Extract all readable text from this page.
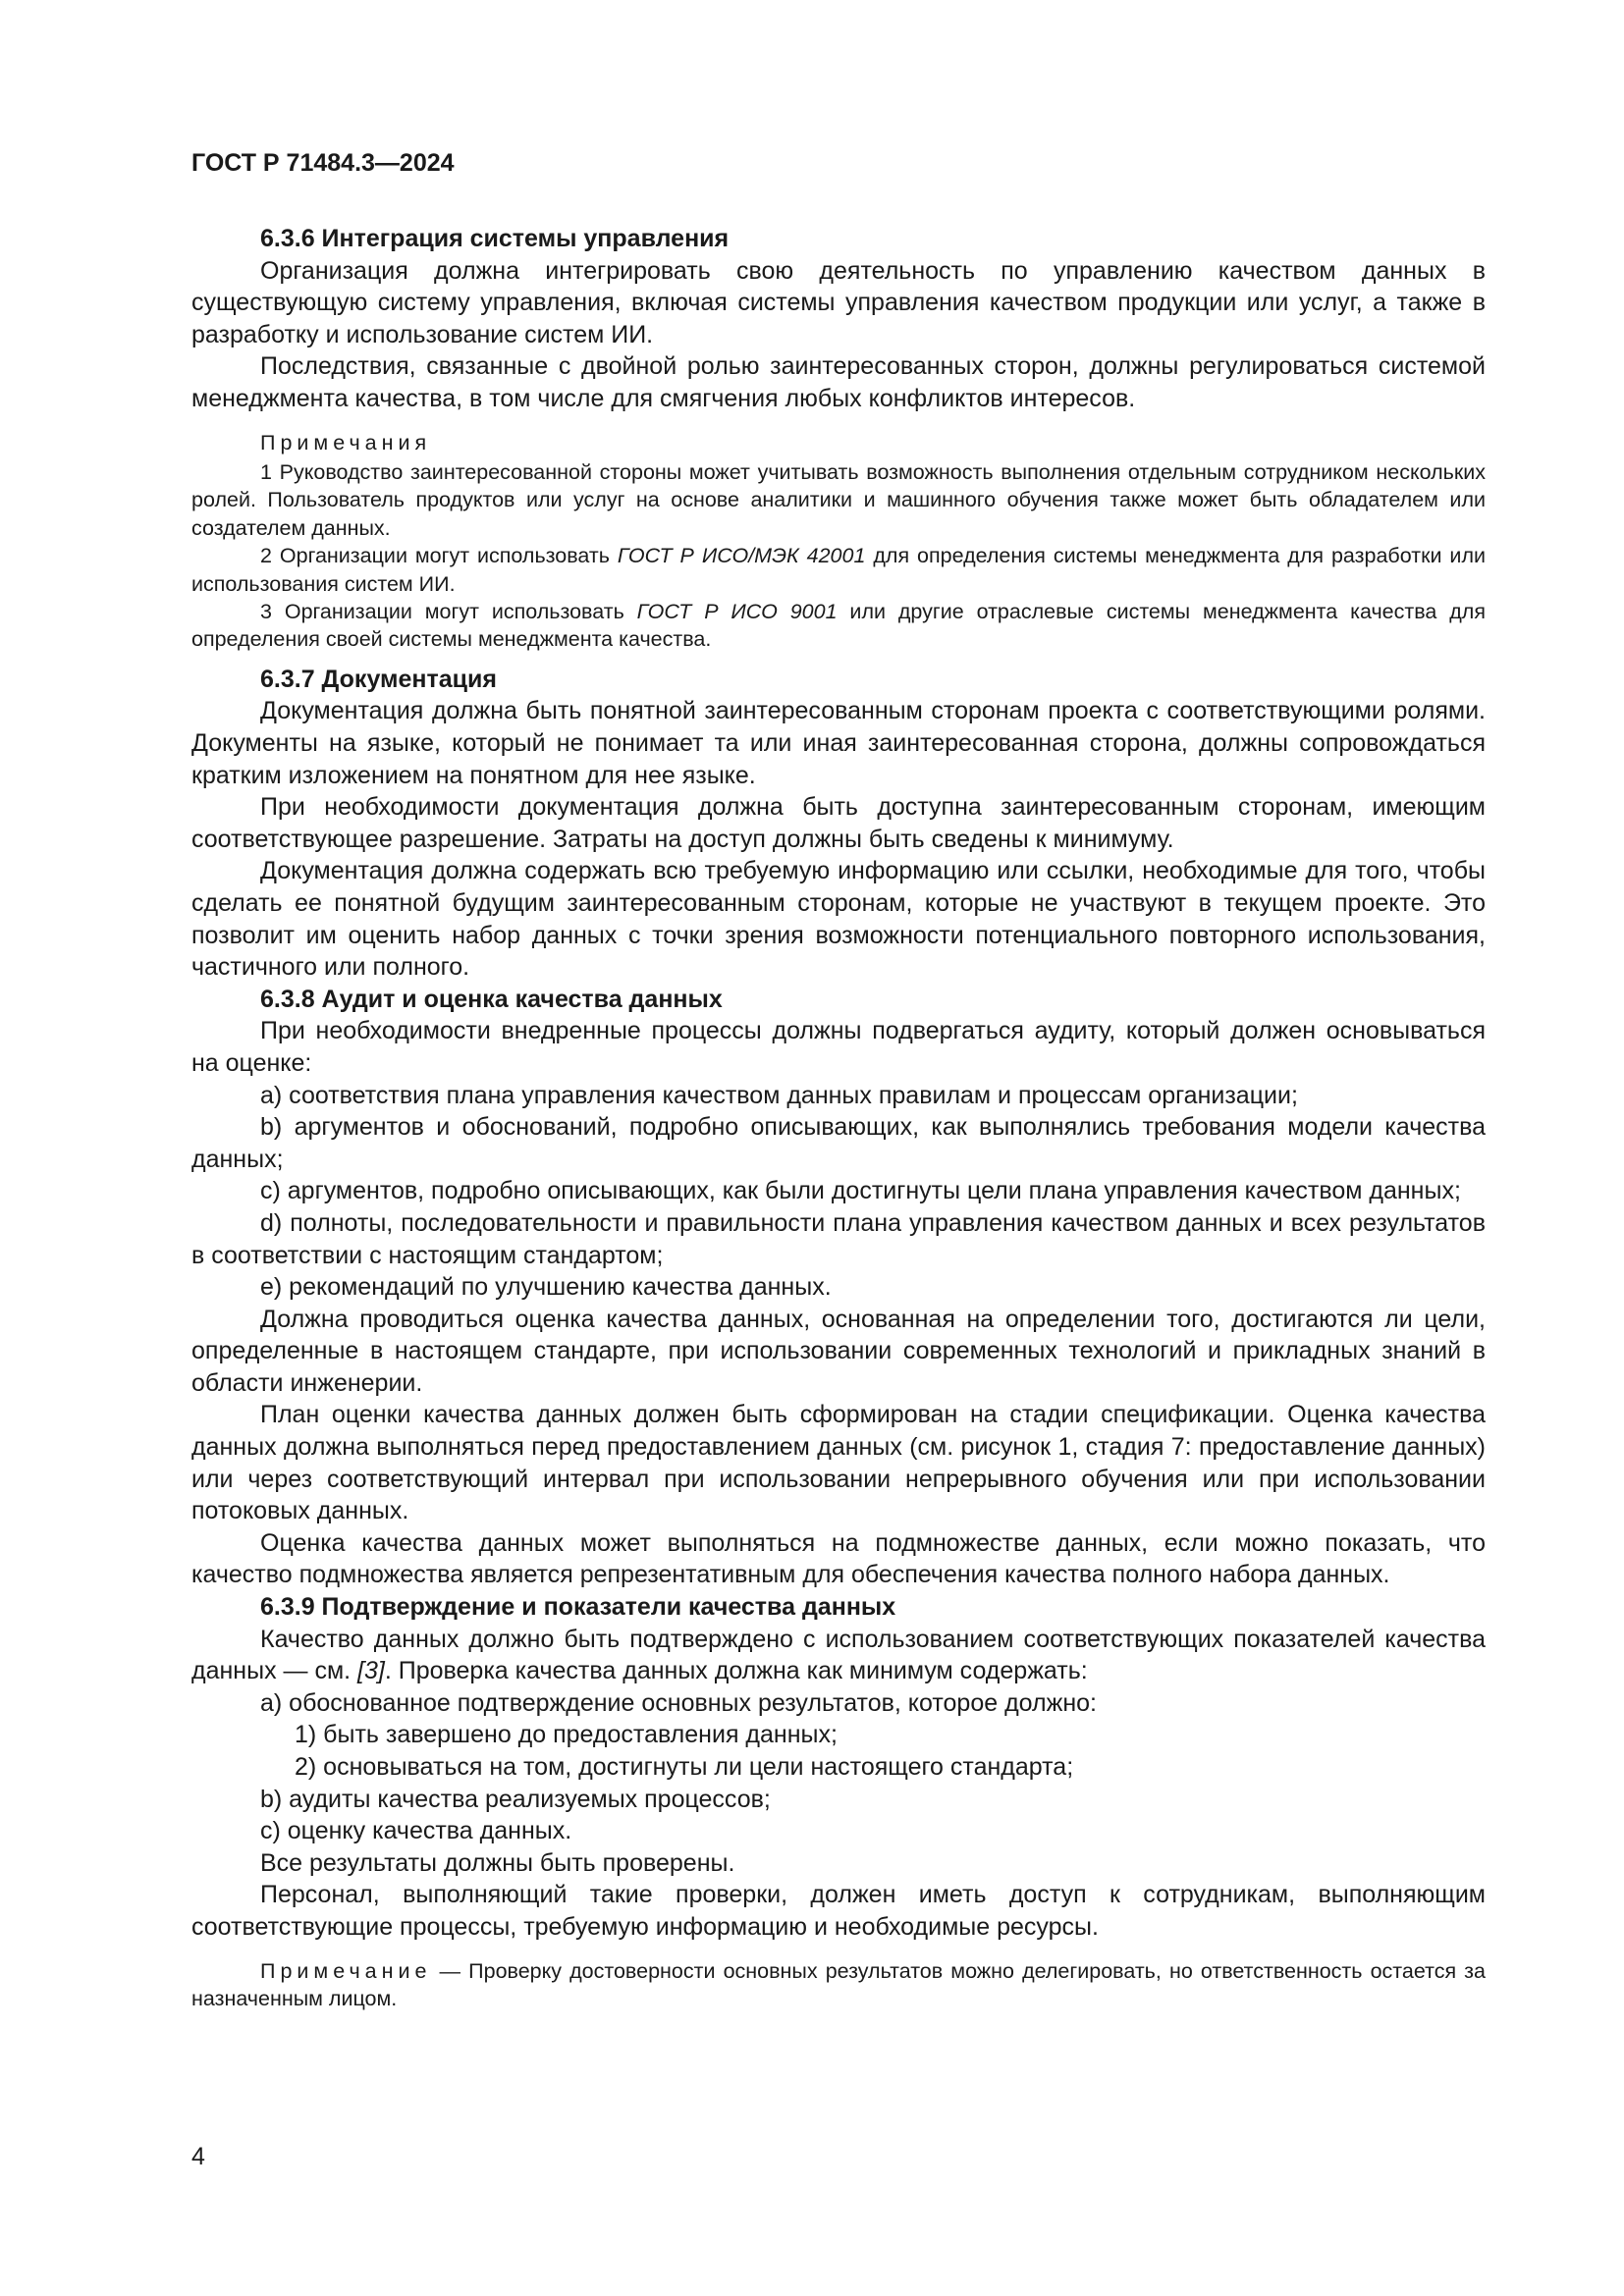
ГОСТ Р 71484.3—2024

6.3.6 Интеграция системы управления

Организация должна интегрировать свою деятельность по управлению качеством данных в существующую систему управления, включая системы управления качеством продукции или услуг, а также в разработку и использование систем ИИ.

Последствия, связанные с двойной ролью заинтересованных сторон, должны регулироваться системой менеджмента качества, в том числе для смягчения любых конфликтов интересов.

Примечания

1 Руководство заинтересованной стороны может учитывать возможность выполнения отдельным сотрудником нескольких ролей. Пользователь продуктов или услуг на основе аналитики и машинного обучения также может быть обладателем или создателем данных.

2 Организации могут использовать ГОСТ Р ИСО/МЭК 42001 для определения системы менеджмента для разработки или использования систем ИИ.

3 Организации могут использовать ГОСТ Р ИСО 9001 или другие отраслевые системы менеджмента качества для определения своей системы менеджмента качества.

6.3.7 Документация

Документация должна быть понятной заинтересованным сторонам проекта с соответствующими ролями. Документы на языке, который не понимает та или иная заинтересованная сторона, должны сопровождаться кратким изложением на понятном для нее языке.

При необходимости документация должна быть доступна заинтересованным сторонам, имеющим соответствующее разрешение. Затраты на доступ должны быть сведены к минимуму.

Документация должна содержать всю требуемую информацию или ссылки, необходимые для того, чтобы сделать ее понятной будущим заинтересованным сторонам, которые не участвуют в текущем проекте. Это позволит им оценить набор данных с точки зрения возможности потенциального повторного использования, частичного или полного.

6.3.8 Аудит и оценка качества данных

При необходимости внедренные процессы должны подвергаться аудиту, который должен основываться на оценке:

a) соответствия плана управления качеством данных правилам и процессам организации;

b) аргументов и обоснований, подробно описывающих, как выполнялись требования модели качества данных;

c) аргументов, подробно описывающих, как были достигнуты цели плана управления качеством данных;

d) полноты, последовательности и правильности плана управления качеством данных и всех результатов в соответствии с настоящим стандартом;

e) рекомендаций по улучшению качества данных.

Должна проводиться оценка качества данных, основанная на определении того, достигаются ли цели, определенные в настоящем стандарте, при использовании современных технологий и прикладных знаний в области инженерии.

План оценки качества данных должен быть сформирован на стадии спецификации. Оценка качества данных должна выполняться перед предоставлением данных (см. рисунок 1, стадия 7: предоставление данных) или через соответствующий интервал при использовании непрерывного обучения или при использовании потоковых данных.

Оценка качества данных может выполняться на подмножестве данных, если можно показать, что качество подмножества является репрезентативным для обеспечения качества полного набора данных.

6.3.9 Подтверждение и показатели качества данных

Качество данных должно быть подтверждено с использованием соответствующих показателей качества данных — см. [3]. Проверка качества данных должна как минимум содержать:

a) обоснованное подтверждение основных результатов, которое должно:

1) быть завершено до предоставления данных;

2) основываться на том, достигнуты ли цели настоящего стандарта;

b) аудиты качества реализуемых процессов;

c) оценку качества данных.

Все результаты должны быть проверены.

Персонал, выполняющий такие проверки, должен иметь доступ к сотрудникам, выполняющим соответствующие процессы, требуемую информацию и необходимые ресурсы.

Примечание — Проверку достоверности основных результатов можно делегировать, но ответственность остается за назначенным лицом.

4
